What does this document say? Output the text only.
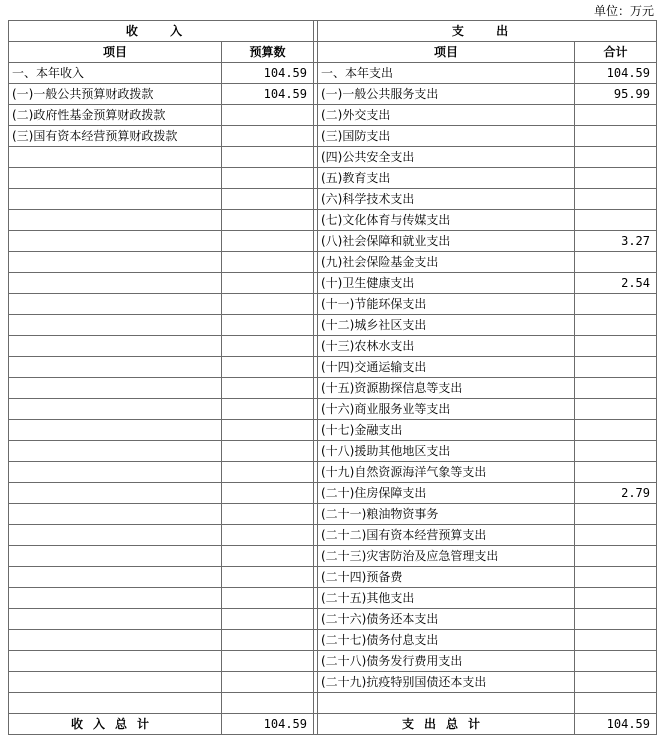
单位：万元
收 入			支 出	
项目	预算数		项目	合计
一、本年收入	104.59		一、本年支出	104.59
(一)一般公共预算财政拨款	104.59		(一)一般公共服务支出	95.99
(二)政府性基金预算财政拨款			(二)外交支出	
(三)国有资本经营预算财政拨款			(三)国防支出	
			(四)公共安全支出	
			(五)教育支出	
			(六)科学技术支出	
			(七)文化体育与传媒支出	
			(八)社会保障和就业支出	3.27
			(九)社会保险基金支出	
			(十)卫生健康支出	2.54
			(十一)节能环保支出	
			(十二)城乡社区支出	
			(十三)农林水支出	
			(十四)交通运输支出	
			(十五)资源勘探信息等支出	
			(十六)商业服务业等支出	
			(十七)金融支出	
			(十八)援助其他地区支出	
			(十九)自然资源海洋气象等支出	
			(二十)住房保障支出	2.79
			(二十一)粮油物资事务	
			(二十二)国有资本经营预算支出	
			(二十三)灾害防治及应急管理支出	
			(二十四)预备费	
			(二十五)其他支出	
			(二十六)债务还本支出	
			(二十七)债务付息支出	
			(二十八)债务发行费用支出	
			(二十九)抗疫特别国债还本支出	

收入总计	104.59		支出总计	104.59
